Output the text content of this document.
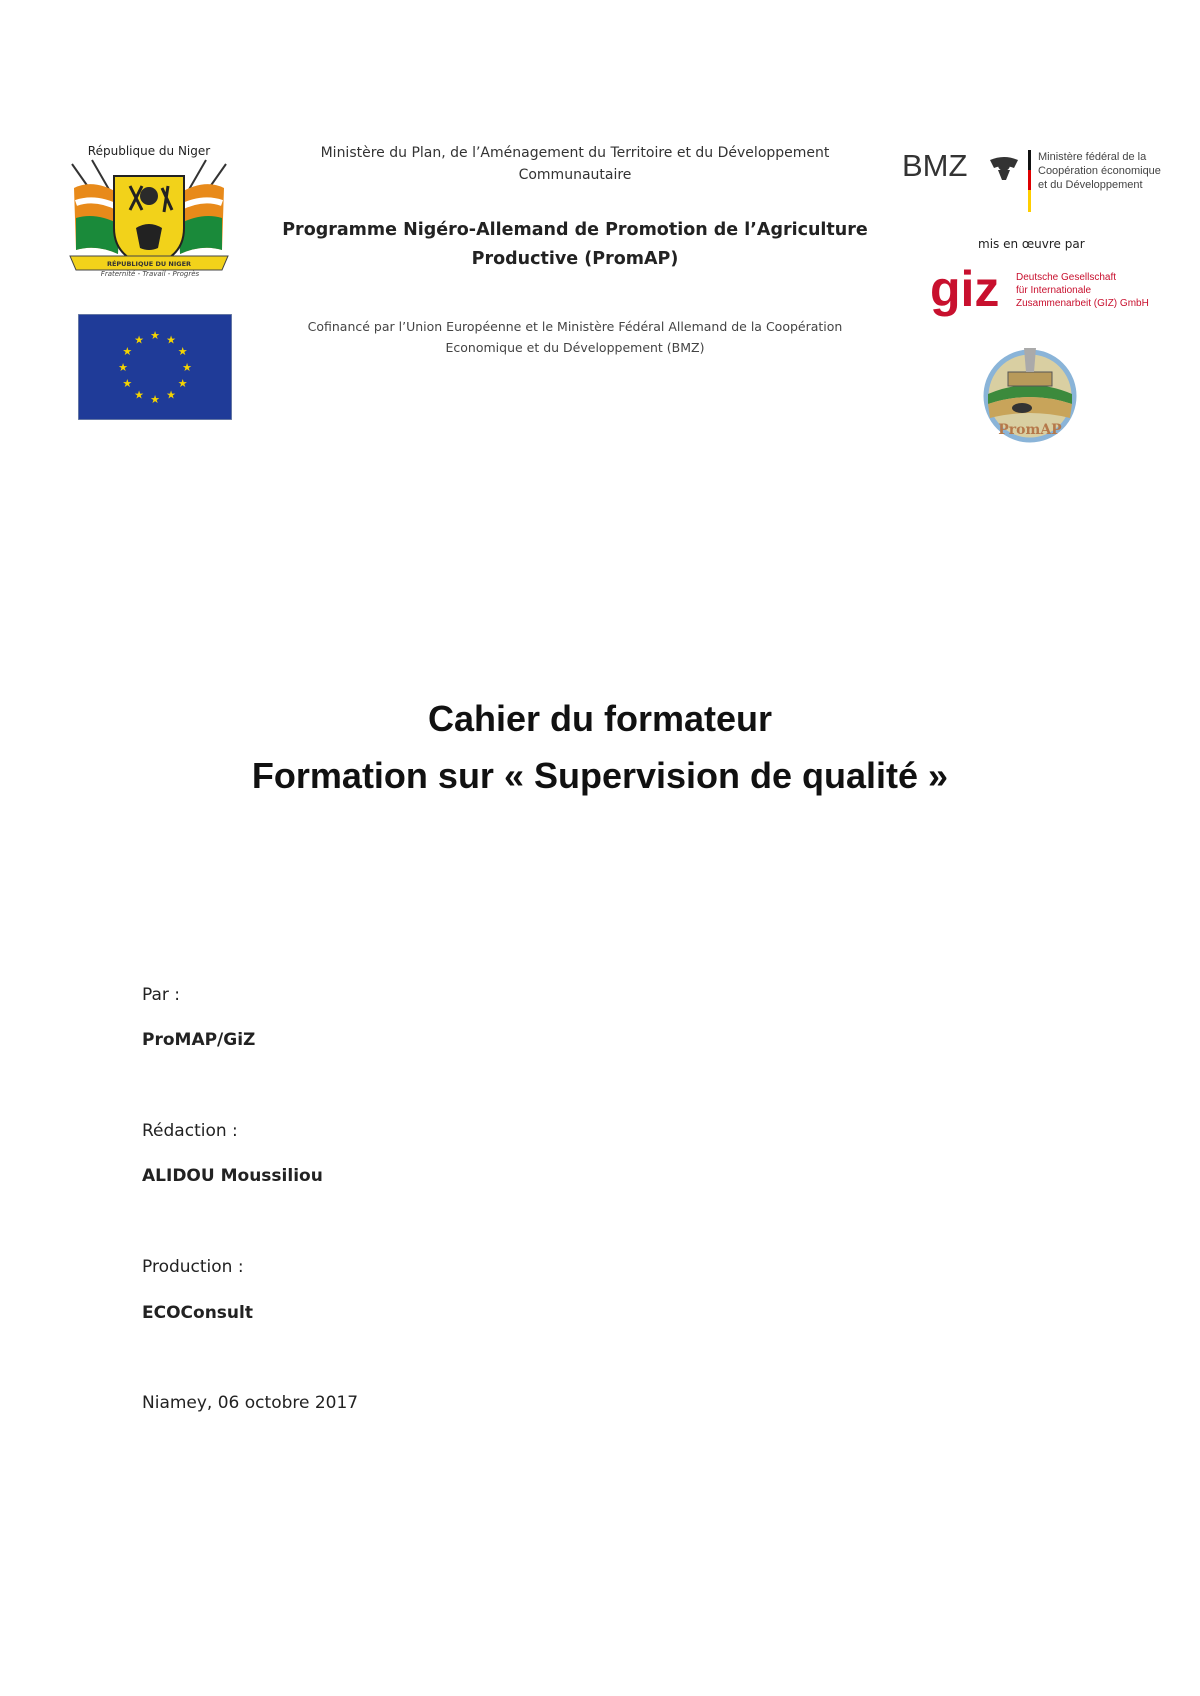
République du Niger
RÉPUBLIQUE DU NIGER
Fraternité - Travail - Progrès
★ ★
★
★
★
★
★
★
★
★
★
★
Ministère du Plan, de l’Aménagement du Territoire et du Développement Communautaire
Programme Nigéro-Allemand de Promotion de l’Agriculture Productive (PromAP)
Cofinancé par l’Union Européenne et le Ministère Fédéral Allemand de la Coopération Economique et du Développement (BMZ)
BMZ	Ministère fédéral de la
Coopération économique
et du Développement
mis en œuvre par
giz Deutsche Gesellschaft
für Internationale
Zusammenarbeit (GIZ) GmbH
PromAP
Cahier du formateur
Formation sur « Supervision de qualité »
Par :
ProMAP/GiZ
Rédaction :
ALIDOU Moussiliou
Production :
ECOConsult
Niamey, 06 octobre 2017
